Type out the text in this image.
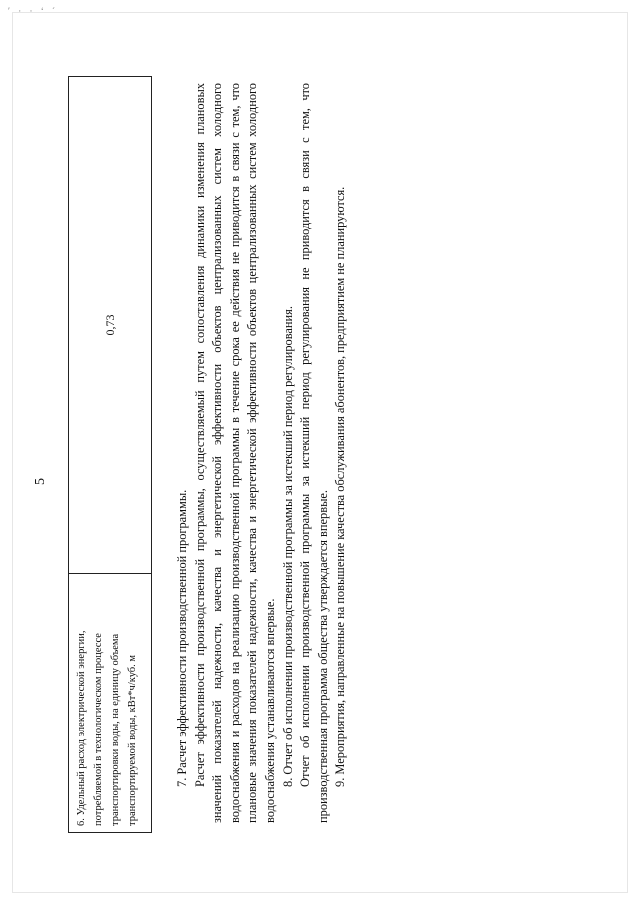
′ · · ‘ ˊ
6. Удельный расход электрической энергии, потребляемой в технологическом процессе транспортировки воды, на единицу объема транспортируемой воды, кВт*ч/куб. м
0,73
5

7. Расчет эффективности производственной программы. Расчет эффективности производственной программы, осуществляемый путем сопоставления динамики изменения плановых значений показателей надежности, качества и энергетической эффективности объектов централизованных систем холодного водоснабжения и расходов на реализацию производственной программы в течение срока ее действия не приводится в связи с тем, что плановые значения показателей надежности, качества и энергетической эффективности объектов централизованных систем холодного водоснабжения устанавливаются впервые. 8. Отчет об исполнении производственной программы за истекший период регулирования. Отчет об исполнении производственной программы за истекший период регулирования не приводится в связи с тем, что производственная программа общества утверждается впервые. 9. Мероприятия, направленные на повышение качества обслуживания абонентов, предприятием не планируются.
